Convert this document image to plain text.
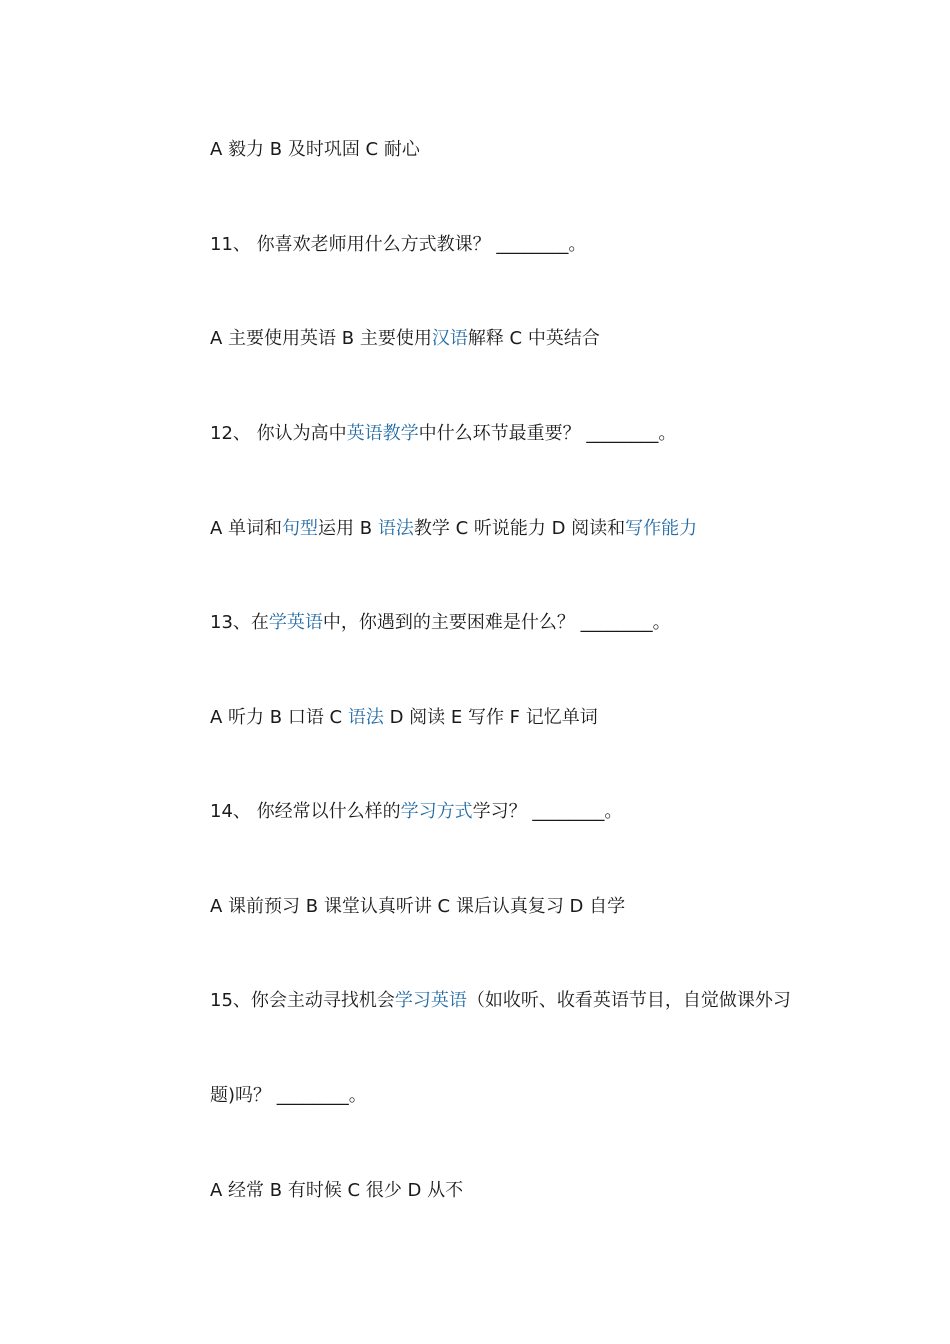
A 毅力 B 及时巩固 C 耐心
11、 你喜欢老师用什么方式教课？ ________。
A 主要使用英语 B 主要使用汉语解释 C 中英结合
12、 你认为高中英语教学中什么环节最重要？ ________。
A 单词和句型运用 B 语法教学 C 听说能力 D 阅读和写作能力
13、在学英语中，你遇到的主要困难是什么？ ________。
A 听力 B 口语 C 语法 D 阅读 E 写作 F 记忆单词
14、 你经常以什么样的学习方式学习？ ________。
A 课前预习 B 课堂认真听讲 C 课后认真复习 D 自学
15、你会主动寻找机会学习英语（如收听、收看英语节目，自觉做课外习
题)吗？ ________。
A 经常 B 有时候 C 很少 D 从不
